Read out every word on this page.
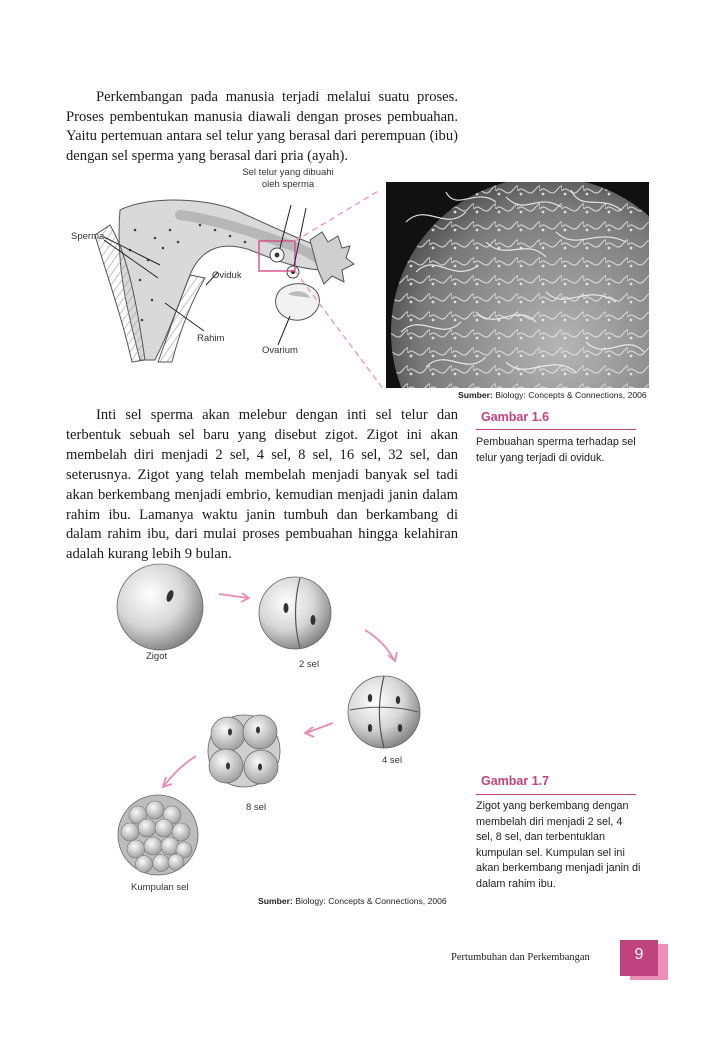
Perkembangan pada manusia terjadi melalui suatu proses. Proses pembentukan manusia diawali dengan proses pembuahan. Yaitu pertemuan antara sel telur yang berasal dari perempuan (ibu) dengan sel sperma yang berasal dari pria (ayah).

Sel telur yang dibuahi
oleh sperma
Sperma
Oviduk
Rahim
Ovarium
Sumber: Biology: Concepts & Connections, 2006
Gambar 1.6

Pembuahan sperma terhadap sel telur yang terjadi di oviduk.

Inti sel sperma akan melebur dengan inti sel telur dan terbentuk sebuah sel baru yang disebut zigot. Zigot ini akan membelah diri menjadi 2 sel, 4 sel, 8 sel, 16 sel, 32 sel, dan seterusnya. Zigot yang telah membelah menjadi banyak sel tadi akan berkembang menjadi embrio, kemudian menjadi janin dalam rahim ibu. Lamanya waktu janin tumbuh dan berkambang di dalam rahim ibu, dari mulai proses pembuahan hingga kelahiran adalah kurang lebih 9 bulan.

Zigot
2 sel
4 sel
8 sel
Kumpulan sel
Sumber: Biology: Concepts & Connections, 2006
Gambar 1.7

Zigot yang berkembang dengan membelah diri menjadi 2 sel, 4 sel, 8 sel, dan terbentuklan kumpulan sel. Kumpulan sel ini akan berkembang menjadi janin di dalam rahim ibu.

Pertumbuhan dan Perkembangan	9
